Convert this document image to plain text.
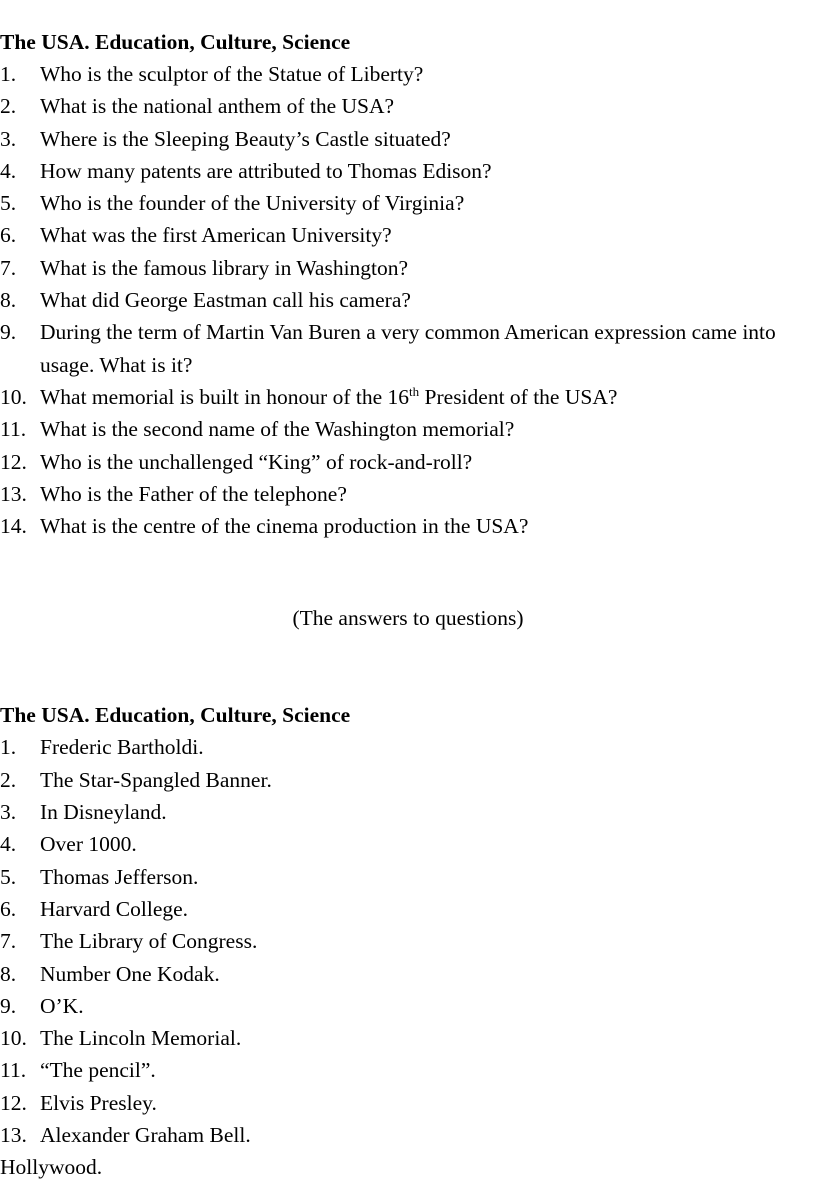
The USA. Education, Culture, Science
1. Who is the sculptor of the Statue of Liberty?
2. What is the national anthem of the USA?
3. Where is the Sleeping Beauty’s Castle situated?
4. How many patents are attributed to Thomas Edison?
5. Who is the founder of the University of Virginia?
6. What was the first American University?
7. What is the famous library in Washington?
8. What did George Eastman call his camera?
9. During the term of Martin Van Buren a very common American expression came into usage. What is it?
10. What memorial is built in honour of the 16th President of the USA?
11. What is the second name of the Washington memorial?
12. Who is the unchallenged “King” of rock-and-roll?
13. Who is the Father of the telephone?
14. What is the centre of the cinema production in the USA?
(The answers to questions)
The USA. Education, Culture, Science
1. Frederic Bartholdi.
2. The Star-Spangled Banner.
3. In Disneyland.
4. Over 1000.
5. Thomas Jefferson.
6. Harvard College.
7. The Library of Congress.
8. Number One Kodak.
9. O’K.
10. The Lincoln Memorial.
11. “The pencil”.
12. Elvis Presley.
13. Alexander Graham Bell.
Hollywood.
